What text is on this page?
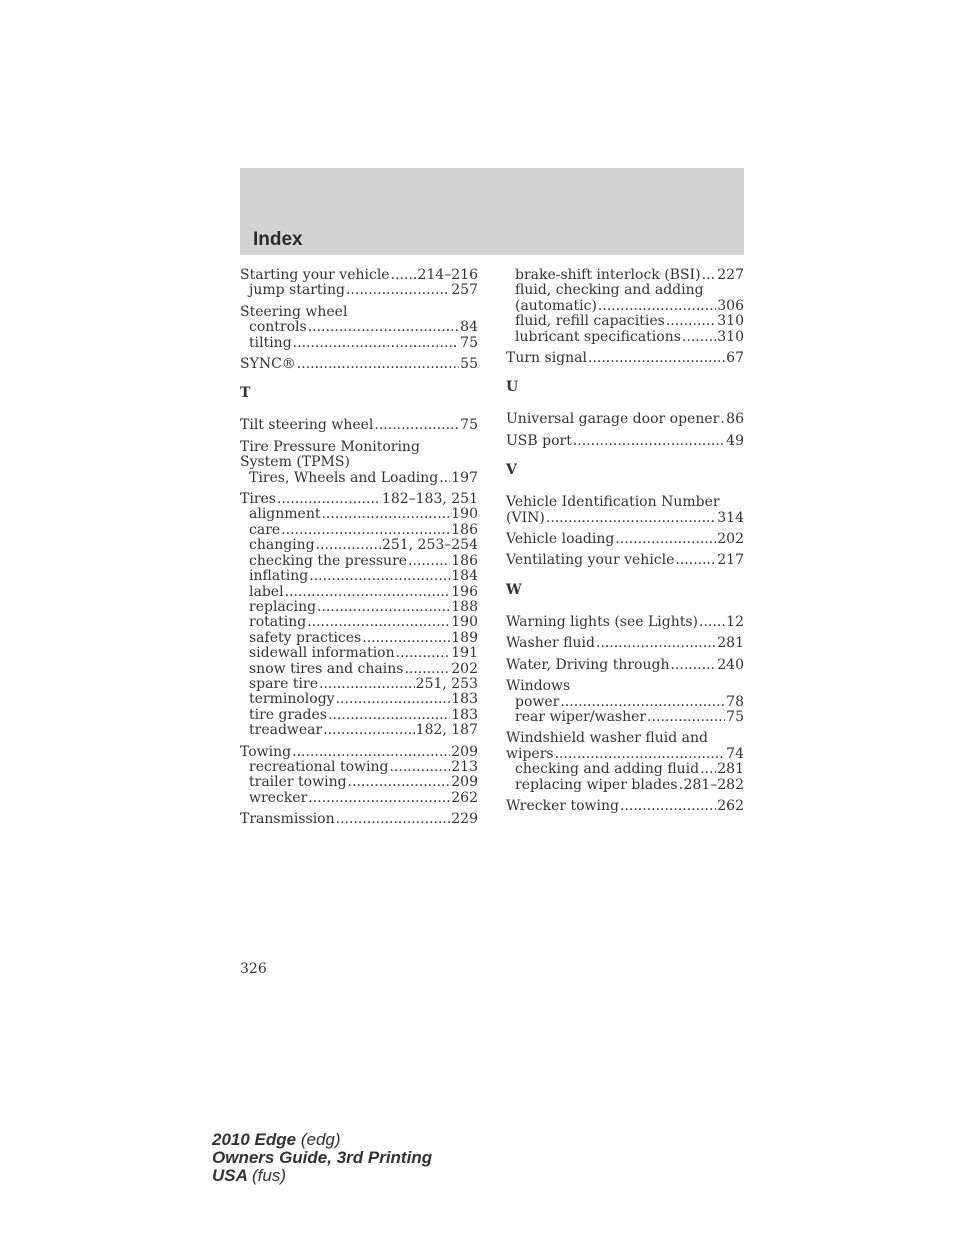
Index
Starting your vehicle ..... 214–216
jump starting .....	257
Steering wheel
controls .....	84
tilting .....	75
SYNC® .....	55
T
Tilt steering wheel .....	75
Tire Pressure Monitoring
System (TPMS)
Tires, Wheels and Loading ..... 197
Tires .....	182–183, 251
alignment .....	190
care .....	186
changing .....	251, 253–254
checking the pressure .....	186
inflating .....	184
label .....	196
replacing .....	188
rotating .....	190
safety practices .....	189
sidewall information .....	191
snow tires and chains .....	202
spare tire .....	251, 253
terminology .....	183
tire grades .....	183
treadwear .....	182, 187
Towing .....	209
recreational towing .....	213
trailer towing .....	209
wrecker .....	262
Transmission .....	229
brake-shift interlock (BSI) ..... 227
fluid, checking and adding
(automatic) .....	306
fluid, refill capacities .....	310
lubricant specifications .....	310
Turn signal .....	67
U
Universal garage door opener ..... 86
USB port .....	49
V
Vehicle Identification Number
(VIN) .....	314
Vehicle loading .....	202
Ventilating your vehicle .....	217
W
Warning lights (see Lights) ..... 12
Washer fluid .....	281
Water, Driving through .....	240
Windows
power .....	78
rear wiper/washer .....	75
Windshield washer fluid and
wipers .....	74
checking and adding fluid ..... 281
replacing wiper blades ..... 281–282
Wrecker towing .....	262
326
2010 Edge (edg)
Owners Guide, 3rd Printing
USA (fus)
